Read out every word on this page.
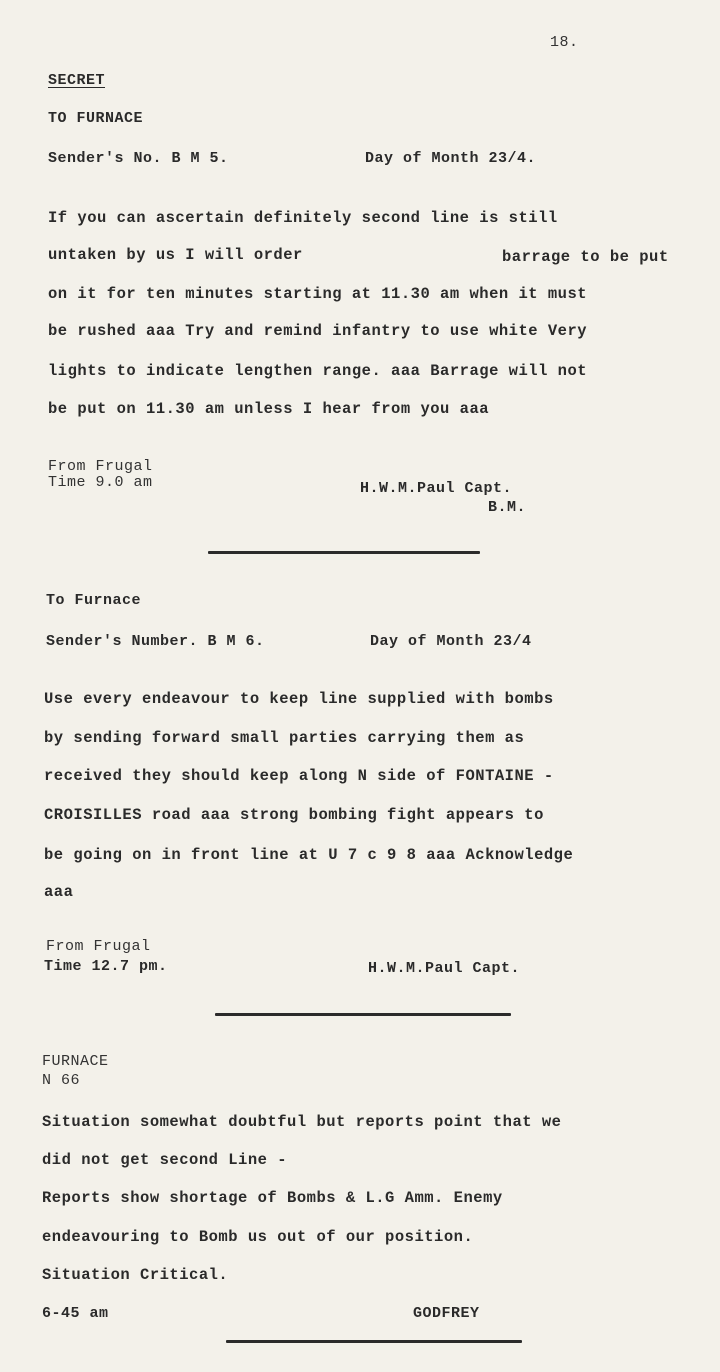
18.
SECRET
TO FURNACE
Sender's No. B M 5.	Day of Month 23/4.
If you can ascertain definitely second line is still
untaken by us I will order	barrage to be put
on it for ten minutes starting at 11.30 am when it must
be rushed aaa Try and remind infantry to use white Very
lights to indicate lengthen range. aaa Barrage will not
be put on 11.30 am unless I hear from you aaa
From Frugal
Time 9.0 am	H.W.M.Paul Capt.
B.M.
To Furnace
Sender's Number. B M 6.	Day of Month 23/4
Use every endeavour to keep line supplied with bombs
by sending forward small parties carrying them as
received they should keep along N side of FONTAINE -
CROISILLES road aaa strong bombing fight appears to
be going on in front line at U 7 c 9 8 aaa Acknowledge
aaa
From Frugal
Time 12.7 pm.	H.W.M.Paul Capt.
FURNACE
N 66
Situation somewhat doubtful but reports point that we
did not get second Line -
Reports show shortage of Bombs & L.G Amm. Enemy
endeavouring to Bomb us out of our position.
Situation Critical.
6-45 am	GODFREY
